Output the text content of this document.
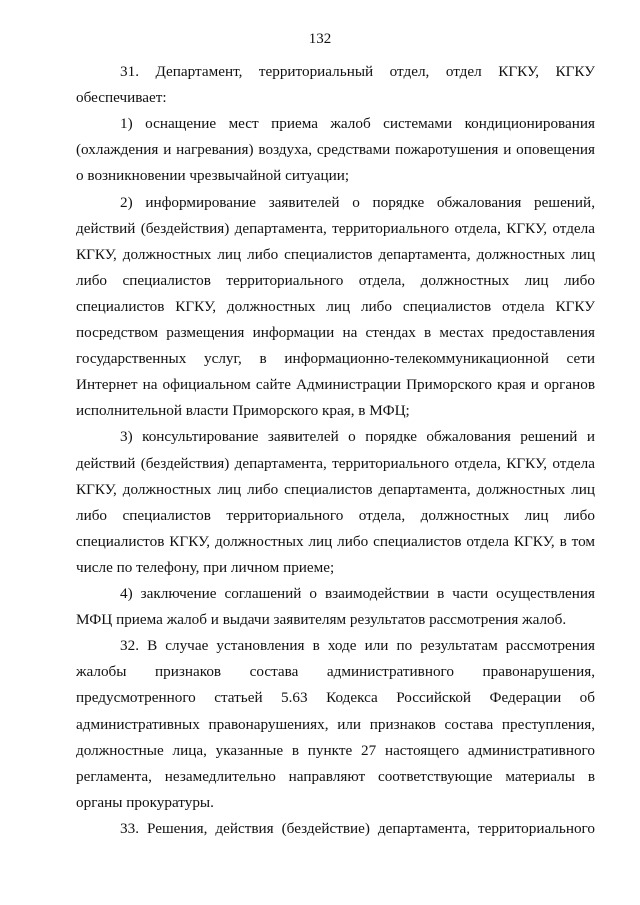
132
31. Департамент, территориальный отдел, отдел КГКУ, КГКУ
обеспечивает:
1) оснащение мест приема жалоб системами кондиционирования
(охлаждения и нагревания) воздуха, средствами пожаротушения и оповещения
о возникновении чрезвычайной ситуации;
2) информирование заявителей о порядке обжалования решений,
действий (бездействия) департамента, территориального отдела, КГКУ, отдела
КГКУ, должностных лиц либо специалистов департамента, должностных лиц
либо специалистов территориального отдела, должностных лиц либо
специалистов КГКУ, должностных лиц либо специалистов отдела КГКУ
посредством размещения информации на стендах в местах предоставления
государственных услуг, в информационно-телекоммуникационной сети
Интернет на официальном сайте Администрации Приморского края и органов
исполнительной власти Приморского края, в МФЦ;
3) консультирование заявителей о порядке обжалования решений и
действий (бездействия) департамента, территориального отдела, КГКУ, отдела
КГКУ, должностных лиц либо специалистов департамента, должностных лиц
либо специалистов территориального отдела, должностных лиц либо
специалистов КГКУ, должностных лиц либо специалистов отдела КГКУ, в том
числе по телефону, при личном приеме;
4) заключение соглашений о взаимодействии в части осуществления
МФЦ приема жалоб и выдачи заявителям результатов рассмотрения жалоб.
32. В случае установления в ходе или по результатам рассмотрения
жалобы признаков состава административного правонарушения,
предусмотренного статьей 5.63 Кодекса Российской Федерации об
административных правонарушениях, или признаков состава преступления,
должностные лица, указанные в пункте 27 настоящего административного
регламента, незамедлительно направляют соответствующие материалы в
органы прокуратуры.
33. Решения, действия (бездействие) департамента, территориального
